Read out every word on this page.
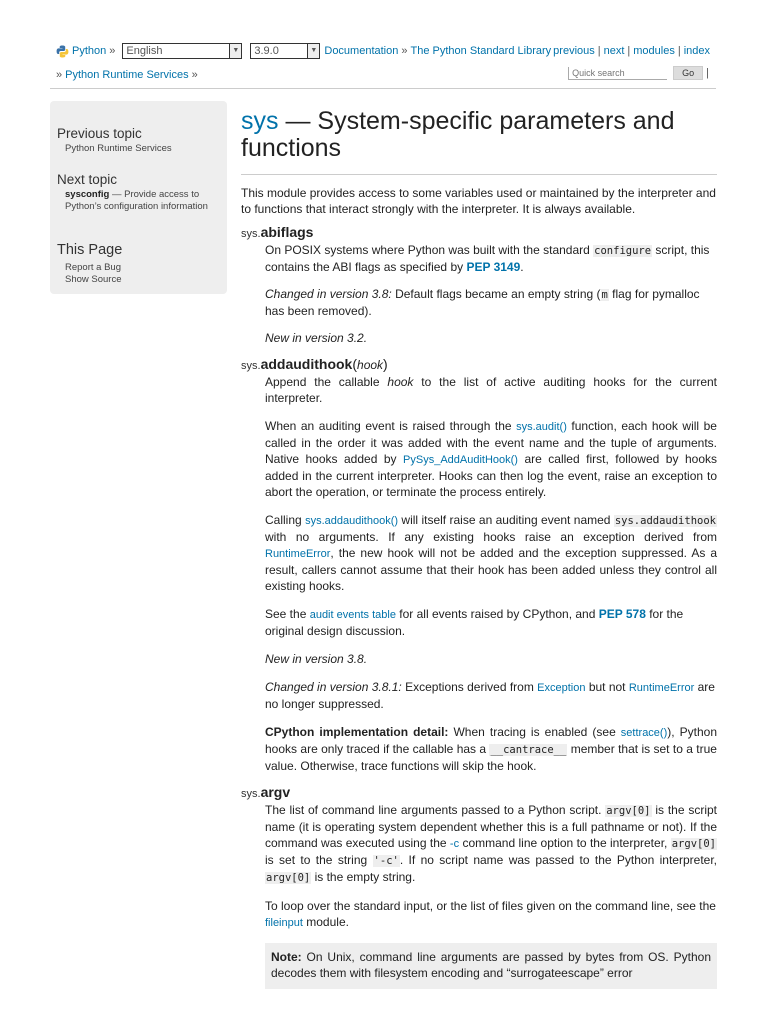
Python » English	▼ 3.9.0	▼ Documentation » The Python Standard Library previous | next | modules | index
» Python Runtime Services »
Quick search	Go	|

Previous topic

Python Runtime Services

Next topic

sysconfig — Provide access to Python’s configuration information

This Page

Report a Bug
Show Source
sys — System-specific parameters and functions

This module provides access to some variables used or maintained by the interpreter and to functions that interact strongly with the interpreter. It is always available.

sys.abiflags

On POSIX systems where Python was built with the standard configure script, this contains the ABI flags as specified by PEP 3149.

Changed in version 3.8: Default flags became an empty string (m flag for pymalloc has been removed).

New in version 3.2.

sys.addaudithook(hook)

Append the callable hook to the list of active auditing hooks for the current interpreter.

When an auditing event is raised through the sys.audit() function, each hook will be called in the order it was added with the event name and the tuple of arguments. Native hooks added by PySys_AddAuditHook() are called first, followed by hooks added in the current interpreter. Hooks can then log the event, raise an exception to abort the operation, or terminate the process entirely.

Calling sys.addaudithook() will itself raise an auditing event named sys.addaudithook with no arguments. If any existing hooks raise an exception derived from RuntimeError, the new hook will not be added and the exception suppressed. As a result, callers cannot assume that their hook has been added unless they control all existing hooks.

See the audit events table for all events raised by CPython, and PEP 578 for the original design discussion.

New in version 3.8.

Changed in version 3.8.1: Exceptions derived from Exception but not RuntimeError are no longer suppressed.

CPython implementation detail: When tracing is enabled (see settrace()), Python hooks are only traced if the callable has a __cantrace__ member that is set to a true value. Otherwise, trace functions will skip the hook.

sys.argv

The list of command line arguments passed to a Python script. argv[0] is the script name (it is operating system dependent whether this is a full pathname or not). If the command was executed using the -c command line option to the interpreter, argv[0] is set to the string '-c'. If no script name was passed to the Python interpreter, argv[0] is the empty string.

To loop over the standard input, or the list of files given on the command line, see the fileinput module.

Note: On Unix, command line arguments are passed by bytes from OS. Python decodes them with filesystem encoding and “surrogateescape” error
